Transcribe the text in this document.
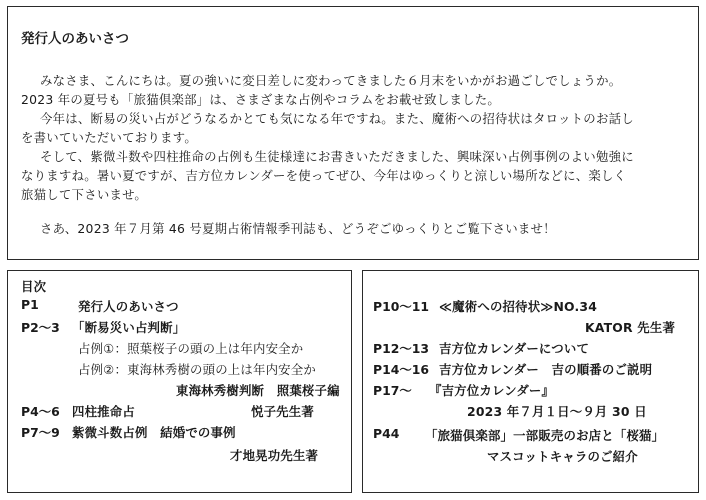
発行人のあいさつ
みなさま、こんにちは。夏の強いに変日差しに変わってきました６月末をいかがお過ごしでしょうか。
2023 年の夏号も「旅猫倶楽部」は、さまざまな占例やコラムをお載せ致しました。
今年は、断易の災い占がどうなるかとても気になる年ですね。また、魔術への招待状はタロットのお話し
を書いていただいております。
そして、紫微斗数や四柱推命の占例も生徒様達にお書きいただきました、興味深い占例事例のよい勉強に
なりますね。暑い夏ですが、吉方位カレンダーを使ってぜひ、今年はゆっくりと涼しい場所などに、楽しく
旅猫して下さいませ。
さあ、2023 年７月第 46 号夏期占術情報季刊誌も、どうぞごゆっくりとご覧下さいませ！
目次
P1	発行人のあいさつ
P2～3 「断易災い占判断」
占例①：照葉桜子の頭の上は年内安全か
占例②：東海林秀樹の頭の上は年内安全か
東海林秀樹判断　照葉桜子編
P4～6 四柱推命占	悦子先生著
P7～9 紫微斗数占例　結婚での事例
才地晃功先生著
P10～11 ≪魔術への招待状≫NO.34
KATOR 先生著
P12～13 吉方位カレンダーについて
P14～16 吉方位カレンダー　吉の順番のご説明
P17～ 『吉方位カレンダー』
2023 年７月１日～９月 30 日
P44 「旅猫倶楽部」一部販売のお店と「桜猫」
マスコットキャラのご紹介
